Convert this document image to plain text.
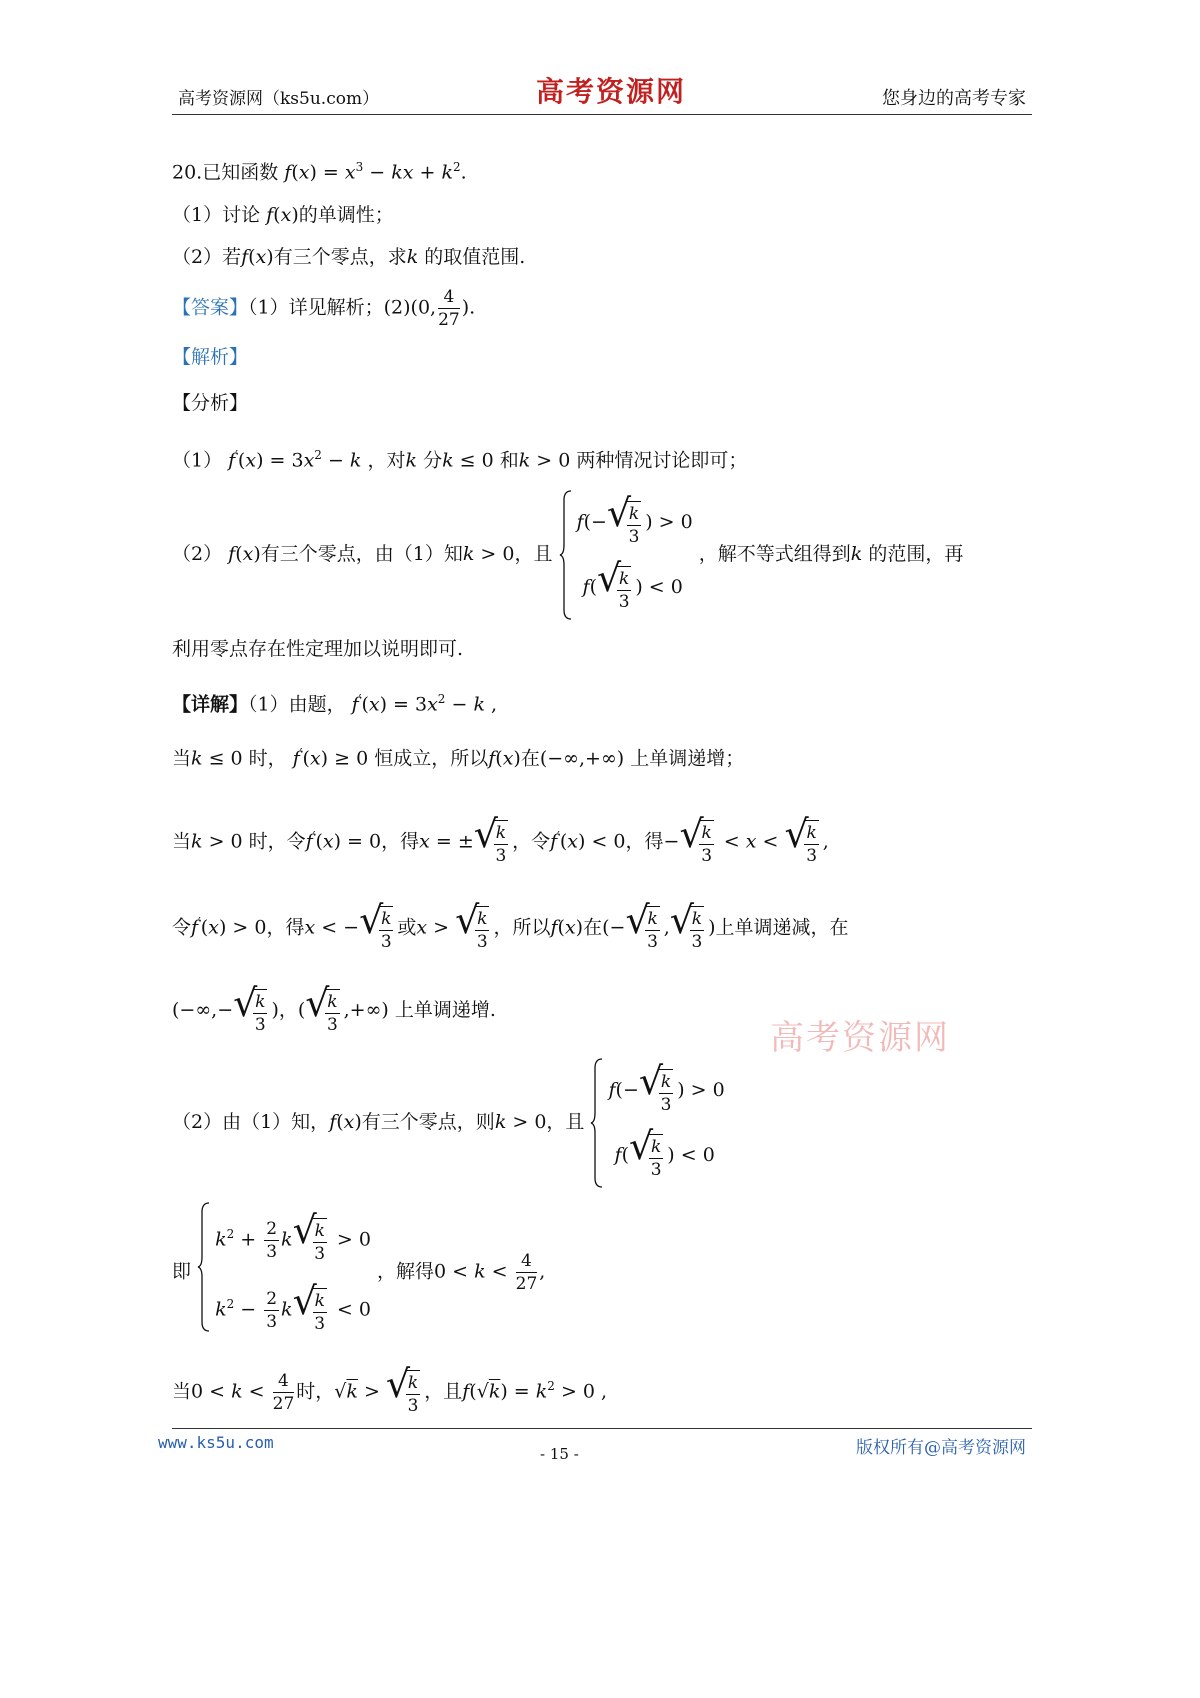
高考资源网（ks5u.com）	高考资源网	您身边的高考专家
20.已知函数 $f(x) = x^3$ − kx + $k^2$.
（1）讨论 f(x)的单调性；
（2）若f(x)有三个零点，求k 的取值范围.
【答案】（1）详见解析；(2)(0, $\frac{4}{27}$ ).
【解析】
【分析】
（1） $f'(x) = 3x^2 - k$ ，对k 分k ≤ 0 和k > 0 两种情况讨论即可；
（2） f(x)有三个零点，由（1）知k > 0，且
f(− √ $\frac{k}{3}$ ) > 0
f( √ $\frac{k}{3}$ ) < 0
，解不等式组得到k 的范围，再
利用零点存在性定理加以说明即可.
【详解】（1）由题， $f'(x) = 3x^2 - k$ ,
当k ≤ 0 时， f′(x) ≥ 0 恒成立，所以f(x)在(−∞,+∞) 上单调递增；
当k > 0 时，令f′(x) = 0，得x = ± √ $\frac{k}{3}$ ，令f′(x) < 0，得− √ $\frac{k}{3} < x$ < √ $\frac{k}{3}$ ,
令f′(x) > 0，得x < − √ $\frac{k}{3}$ 或x > √ $\frac{k}{3}$ ，所以f(x)在(− √ $\frac{k}{3}$ , √ $\frac{k}{3}$ )上单调递减，在
(−∞,− √ $\frac{k}{3}$ )，( √ $\frac{k}{3}$ ,+∞) 上单调递增.
（2）由（1）知，f(x)有三个零点，则k > 0，且
f(− √ $\frac{k}{3}$ ) > 0
f( √ $\frac{k}{3}$ ) < 0
即
$k^2 + \frac{2}{3}$ k √ $\frac{k}{3} > 0$
$k^2 - \frac{2}{3}$ k √ $\frac{k}{3} < 0$
，解得$0 < k < \frac{4}{27}$ ,
当$0 < k < \frac{4}{27}$ 时，√k > √ $\frac{k}{3}$ ，且$f(√k) = k^2 > 0$ ,
高考资源网
www.ks5u.com
- 15 -	版权所有@高考资源网
